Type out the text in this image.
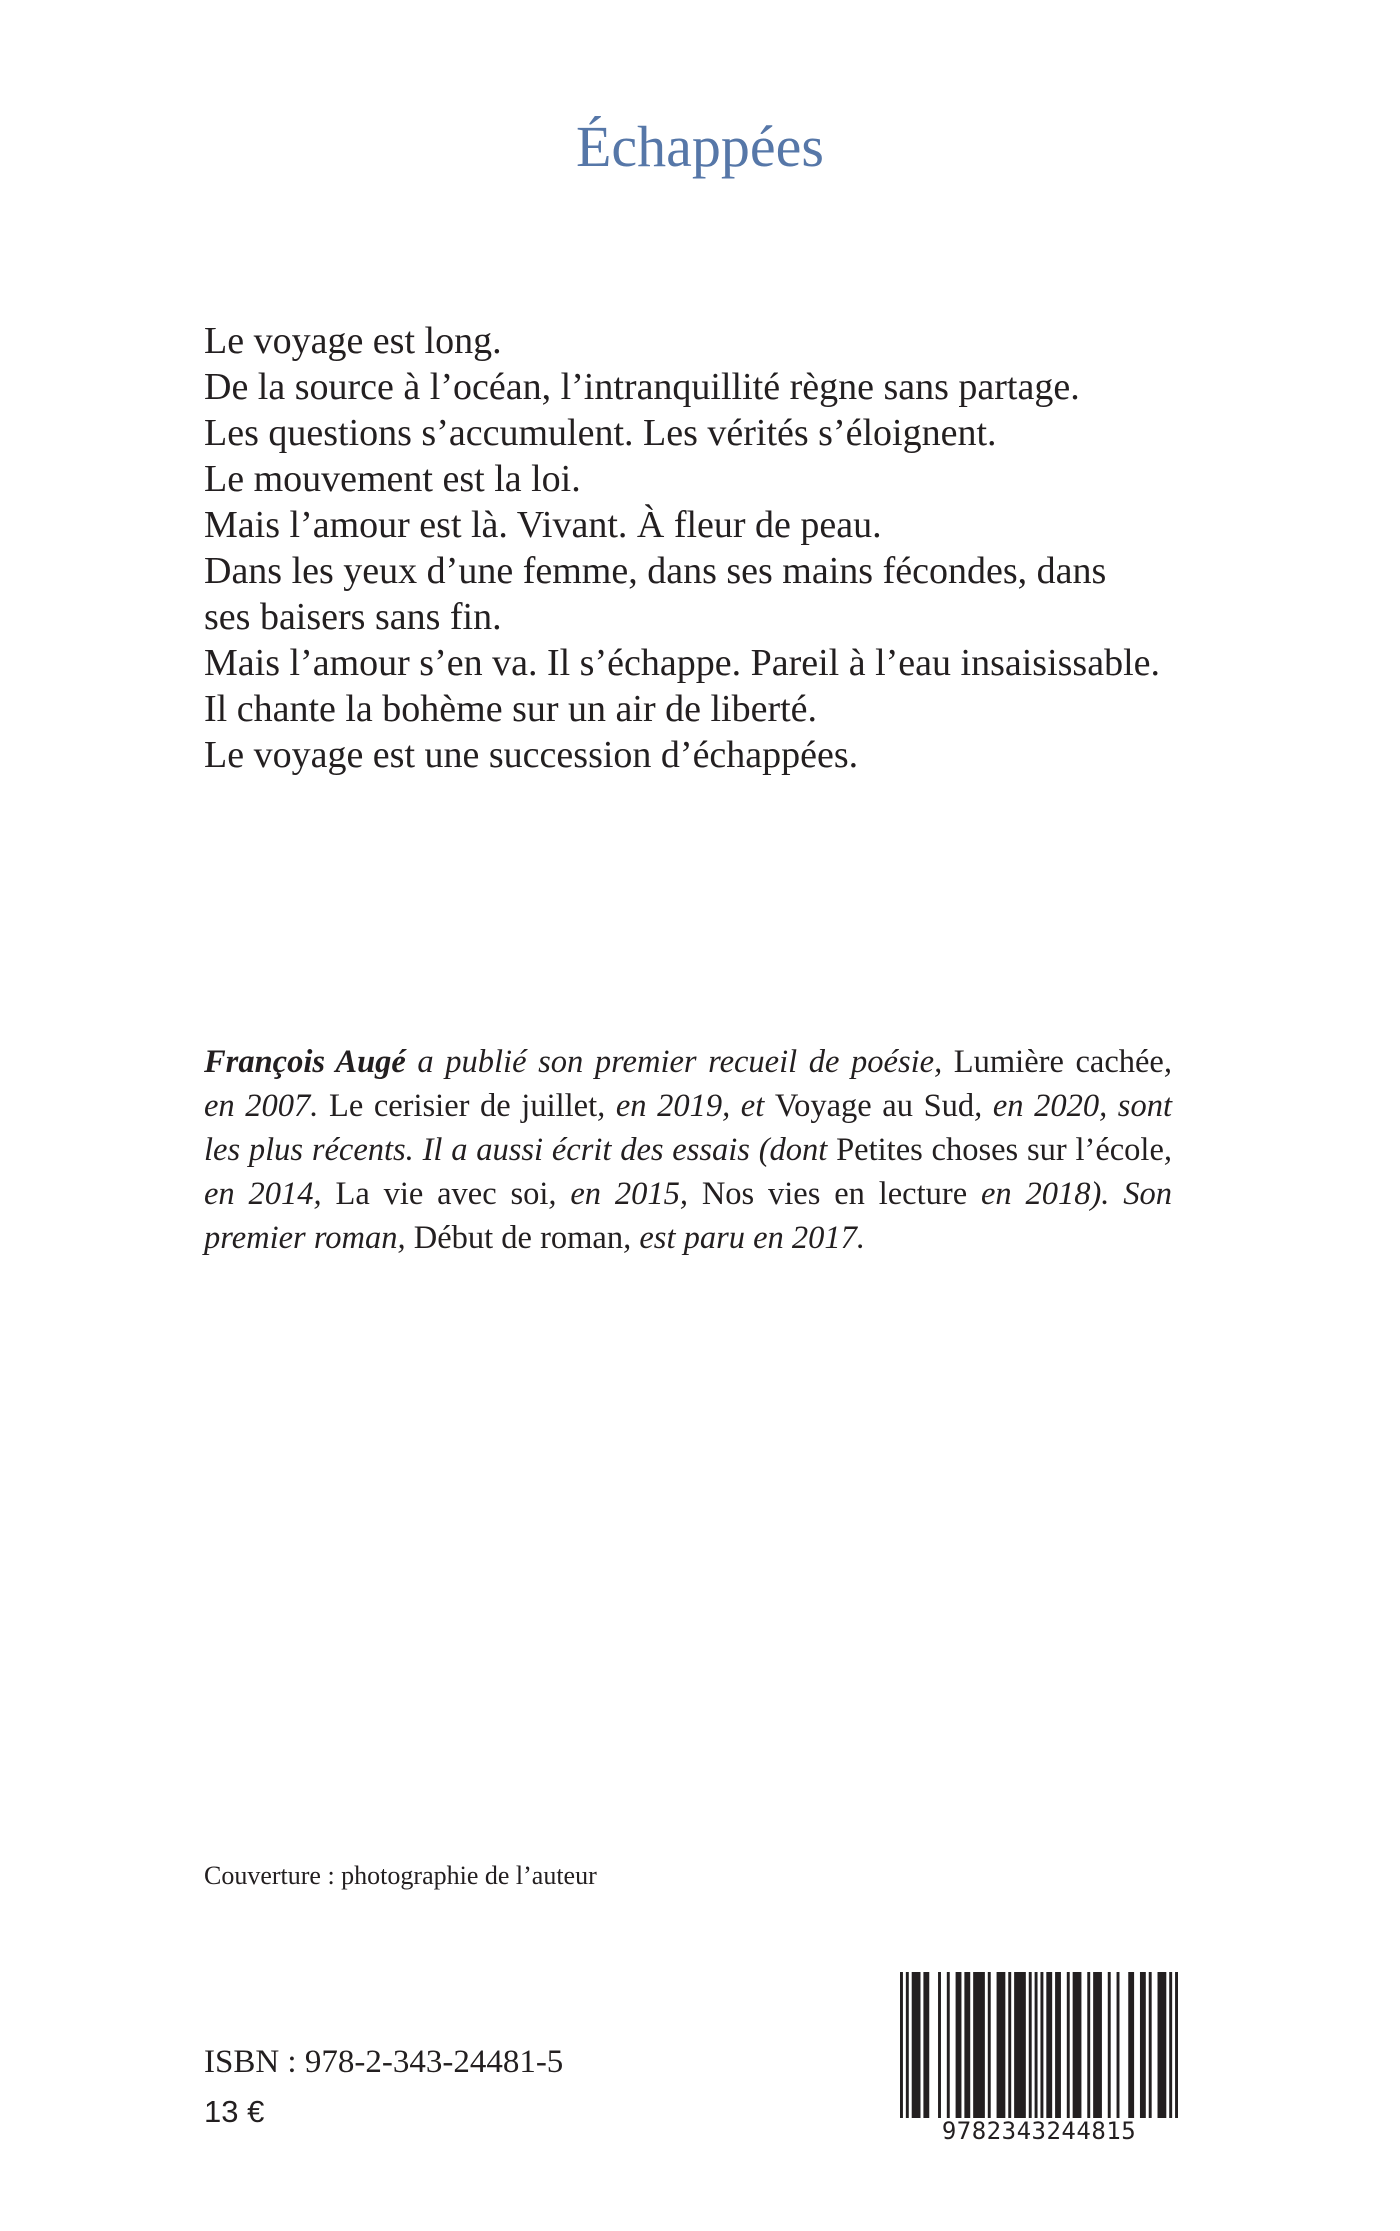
Échappées
Le voyage est long.
De la source à l’océan, l’intranquillité règne sans partage.
Les questions s’accumulent. Les vérités s’éloignent.
Le mouvement est la loi.
Mais l’amour est là. Vivant. À fleur de peau.
Dans les yeux d’une femme, dans ses mains fécondes, dans
ses baisers sans fin.
Mais l’amour s’en va. Il s’échappe. Pareil à l’eau insaisissable.
Il chante la bohème sur un air de liberté.
Le voyage est une succession d’échappées.

François Augé a publié son premier recueil de poésie, Lumière cachée, en 2007. Le cerisier de juillet, en 2019, et Voyage au Sud, en 2020, sont les plus récents. Il a aussi écrit des essais (dont Petites choses sur l’école, en 2014, La vie avec soi, en 2015, Nos vies en lecture en 2018). Son premier roman, Début de roman, est paru en 2017.

Couverture : photographie de l’auteur

ISBN : 978-2-343-24481-5

13 €

9782343244815
